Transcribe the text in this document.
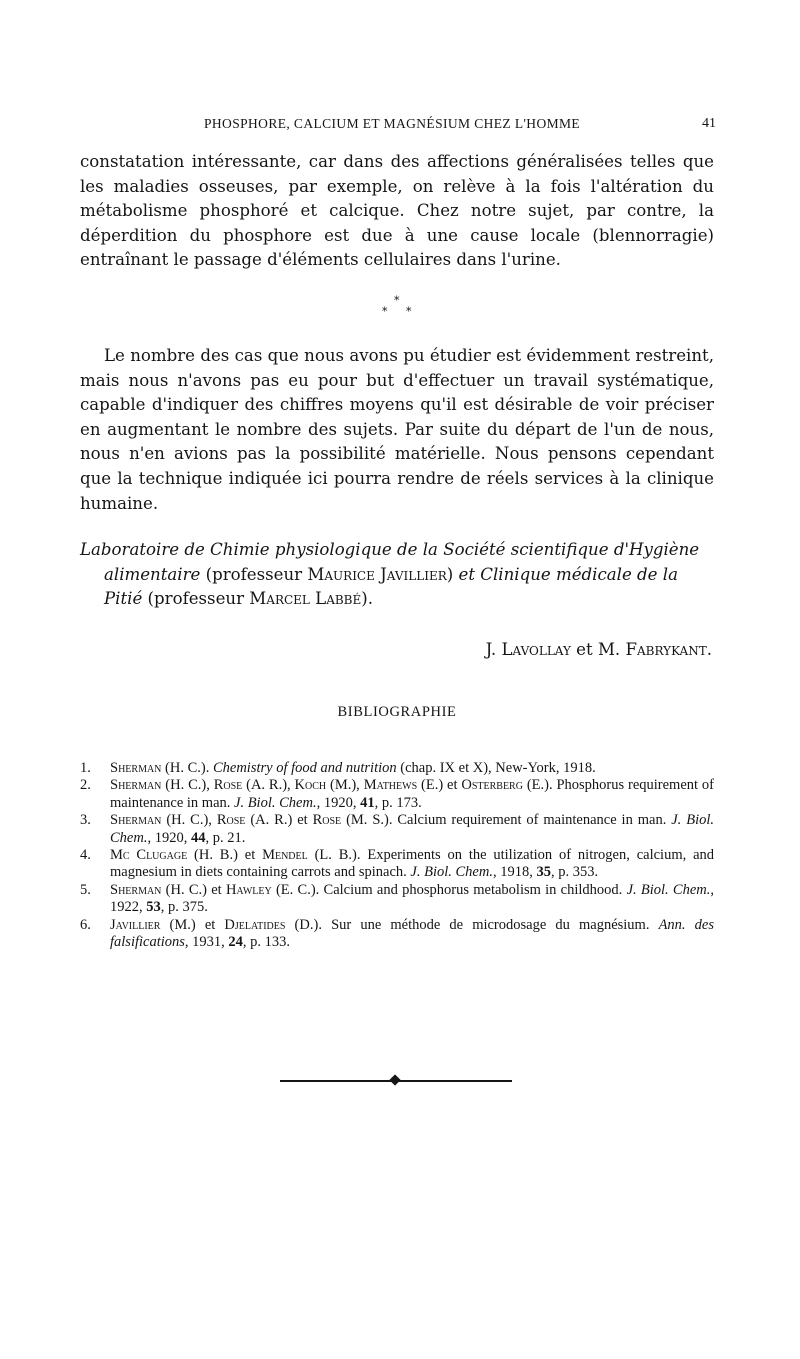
PHOSPHORE, CALCIUM ET MAGNÉSIUM CHEZ L'HOMME	41

constatation intéressante, car dans des affections généralisées telles que les maladies osseuses, par exemple, on relève à la fois l'altération du métabolisme phosphoré et calcique. Chez notre sujet, par contre, la déperdition du phosphore est due à une cause locale (blennorragie) entraînant le passage d'éléments cellulaires dans l'urine.

*
* *

Le nombre des cas que nous avons pu étudier est évidemment restreint, mais nous n'avons pas eu pour but d'effectuer un travail systématique, capable d'indiquer des chiffres moyens qu'il est désirable de voir préciser en augmentant le nombre des sujets. Par suite du départ de l'un de nous, nous n'en avions pas la possibilité matérielle. Nous pensons cependant que la technique indiquée ici pourra rendre de réels services à la clinique humaine.

Laboratoire de Chimie physiologique de la Société scientifique d'Hygiène alimentaire (professeur Maurice Javillier) et Clinique médicale de la Pitié (professeur Marcel Labbé).

J. Lavollay et M. Fabrykant.
BIBLIOGRAPHIE
1. Sherman (H. C.). Chemistry of food and nutrition (chap. IX et X), New-York, 1918.
2. Sherman (H. C.), Rose (A. R.), Koch (M.), Mathews (E.) et Osterberg (E.). Phosphorus requirement of maintenance in man. J. Biol. Chem., 1920, 41, p. 173.
3. Sherman (H. C.), Rose (A. R.) et Rose (M. S.). Calcium requirement of maintenance in man. J. Biol. Chem., 1920, 44, p. 21.
4. Mc Clugage (H. B.) et Mendel (L. B.). Experiments on the utilization of nitrogen, calcium, and magnesium in diets containing carrots and spinach. J. Biol. Chem., 1918, 35, p. 353.
5. Sherman (H. C.) et Hawley (E. C.). Calcium and phosphorus metabolism in childhood. J. Biol. Chem., 1922, 53, p. 375.
6. Javillier (M.) et Djelatides (D.). Sur une méthode de microdosage du magnésium. Ann. des falsifications, 1931, 24, p. 133.
